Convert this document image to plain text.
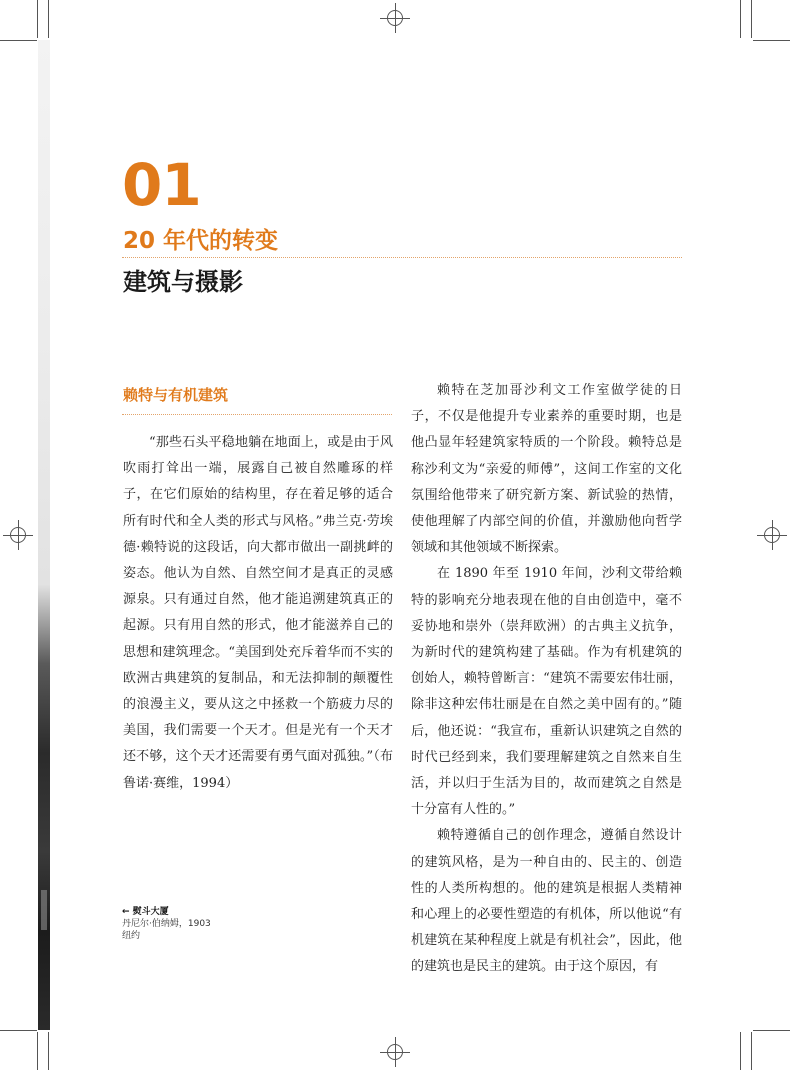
01
20 年代的转变
建筑与摄影
赖特与有机建筑

“那些石头平稳地躺在地面上，或是由于风吹雨打耸出一端，展露自己被自然雕琢的样子，在它们原始的结构里，存在着足够的适合所有时代和全人类的形式与风格。”弗兰克·劳埃德·赖特说的这段话，向大都市做出一副挑衅的姿态。他认为自然、自然空间才是真正的灵感源泉。只有通过自然，他才能追溯建筑真正的起源。只有用自然的形式，他才能滋养自己的思想和建筑理念。“美国到处充斥着华而不实的欧洲古典建筑的复制品，和无法抑制的颠覆性的浪漫主义，要从这之中拯救一个筋疲力尽的美国，我们需要一个天才。但是光有一个天才还不够，这个天才还需要有勇气面对孤独。”（布鲁诺·赛维，1994）

赖特在芝加哥沙利文工作室做学徒的日子，不仅是他提升专业素养的重要时期，也是他凸显年轻建筑家特质的一个阶段。赖特总是称沙利文为“亲爱的师傅”，这间工作室的文化氛围给他带来了研究新方案、新试验的热情，使他理解了内部空间的价值，并激励他向哲学领域和其他领域不断探索。

在 1890 年至 1910 年间，沙利文带给赖特的影响充分地表现在他的自由创造中，毫不妥协地和崇外（崇拜欧洲）的古典主义抗争，为新时代的建筑构建了基础。作为有机建筑的创始人，赖特曾断言：“建筑不需要宏伟壮丽，除非这种宏伟壮丽是在自然之美中固有的。”随后，他还说：“我宣布，重新认识建筑之自然的时代已经到来，我们要理解建筑之自然来自生活，并以归于生活为目的，故而建筑之自然是十分富有人性的。”

赖特遵循自己的创作理念，遵循自然设计的建筑风格，是为一种自由的、民主的、创造性的人类所构想的。他的建筑是根据人类精神和心理上的必要性塑造的有机体，所以他说“有机建筑在某种程度上就是有机社会”，因此，他的建筑也是民主的建筑。由于这个原因，有

← 熨斗大厦
丹尼尔·伯纳姆，1903
纽约
